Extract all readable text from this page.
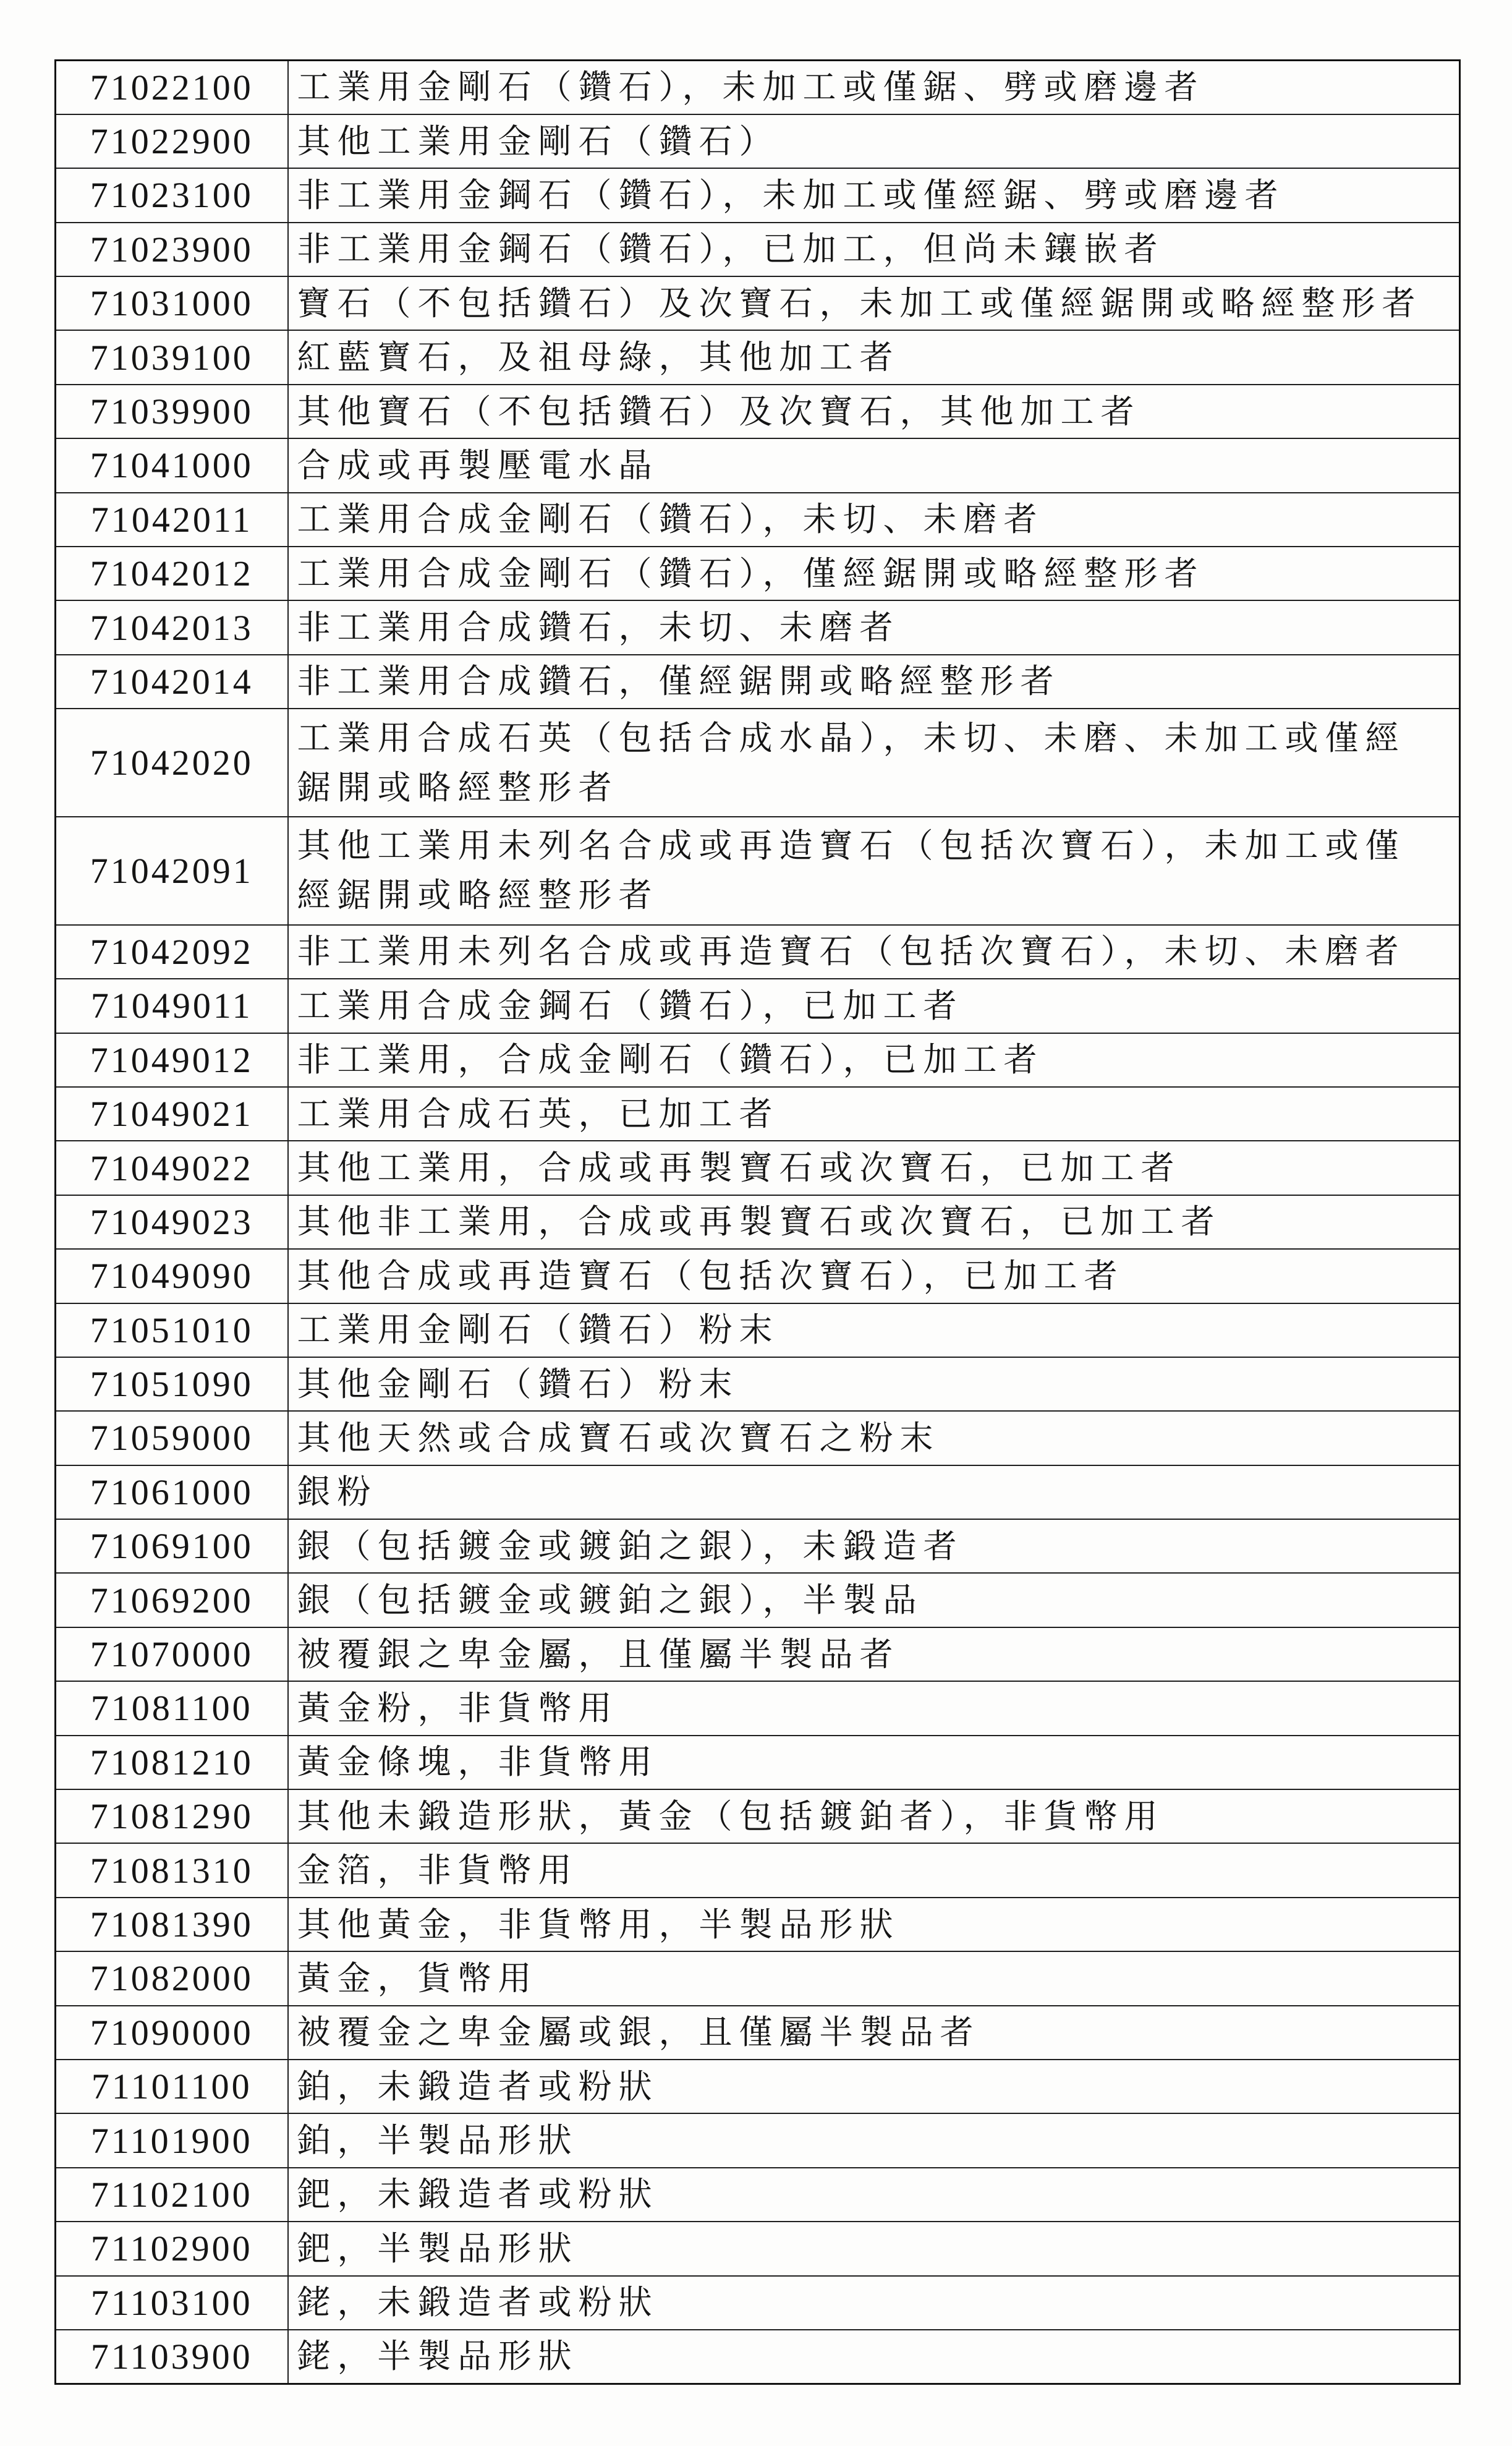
71022100	工業用金剛石（鑽石），未加工或僅鋸、劈或磨邊者

71022900	其他工業用金剛石（鑽石）

71023100	非工業用金鋼石（鑽石），未加工或僅經鋸、劈或磨邊者

71023900	非工業用金鋼石（鑽石），已加工，但尚未鑲嵌者

71031000	寶石（不包括鑽石）及次寶石，未加工或僅經鋸開或略經整形者

71039100	紅藍寶石，及祖母綠，其他加工者

71039900	其他寶石（不包括鑽石）及次寶石，其他加工者

71041000	合成或再製壓電水晶

71042011	工業用合成金剛石（鑽石），未切、未磨者

71042012	工業用合成金剛石（鑽石），僅經鋸開或略經整形者

71042013	非工業用合成鑽石，未切、未磨者

71042014	非工業用合成鑽石，僅經鋸開或略經整形者

71042020	工業用合成石英（包括合成水晶），未切、未磨、未加工或僅經
鋸開或略經整形者

71042091	其他工業用未列名合成或再造寶石（包括次寶石），未加工或僅
經鋸開或略經整形者

71042092	非工業用未列名合成或再造寶石（包括次寶石），未切、未磨者

71049011	工業用合成金鋼石（鑽石），已加工者

71049012	非工業用，合成金剛石（鑽石），已加工者

71049021	工業用合成石英，已加工者

71049022	其他工業用，合成或再製寶石或次寶石，已加工者

71049023	其他非工業用，合成或再製寶石或次寶石，已加工者

71049090	其他合成或再造寶石（包括次寶石），已加工者

71051010	工業用金剛石（鑽石）粉末

71051090	其他金剛石（鑽石）粉末

71059000	其他天然或合成寶石或次寶石之粉末

71061000	銀粉

71069100	銀（包括鍍金或鍍鉑之銀），未鍛造者

71069200	銀（包括鍍金或鍍鉑之銀），半製品

71070000	被覆銀之卑金屬，且僅屬半製品者

71081100	黃金粉，非貨幣用

71081210	黃金條塊，非貨幣用

71081290	其他未鍛造形狀，黃金（包括鍍鉑者），非貨幣用

71081310	金箔，非貨幣用

71081390	其他黃金，非貨幣用，半製品形狀

71082000	黃金，貨幣用

71090000	被覆金之卑金屬或銀，且僅屬半製品者

71101100	鉑，未鍛造者或粉狀

71101900	鉑，半製品形狀

71102100	鈀，未鍛造者或粉狀

71102900	鈀，半製品形狀

71103100	銠，未鍛造者或粉狀

71103900	銠，半製品形狀
